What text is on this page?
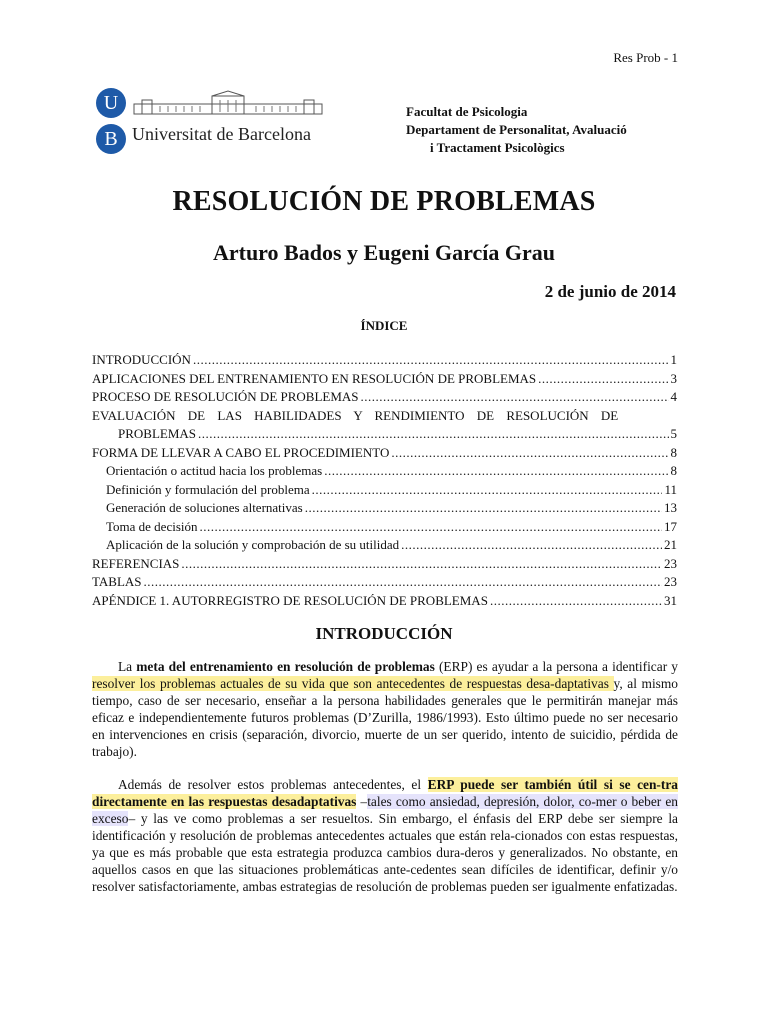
Res Prob - 1
U
B Universitat de Barcelona
Facultat de Psicologia
Departament de Personalitat, Avaluació
i Tractament Psicològics
RESOLUCIÓN DE PROBLEMAS
Arturo Bados y Eugeni García Grau
2 de junio de 2014
ÍNDICE
INTRODUCCIÓN .....	1
APLICACIONES DEL ENTRENAMIENTO EN RESOLUCIÓN DE PROBLEMAS .....	3
PROCESO DE RESOLUCIÓN DE PROBLEMAS .....	4
EVALUACIÓN DE LAS HABILIDADES Y RENDIMIENTO DE RESOLUCIÓN DE
PROBLEMAS .....	5
FORMA DE LLEVAR A CABO EL PROCEDIMIENTO .....	8
Orientación o actitud hacia los problemas .....	8
Definición y formulación del problema .....	11
Generación de soluciones alternativas .....	13
Toma de decisión .....	17
Aplicación de la solución y comprobación de su utilidad .....	21
REFERENCIAS .....	23
TABLAS .....	23
APÉNDICE 1. AUTORREGISTRO DE RESOLUCIÓN DE PROBLEMAS .....	31
INTRODUCCIÓN

La meta del entrenamiento en resolución de problemas (ERP) es ayudar a la persona a identificar y resolver los problemas actuales de su vida que son antecedentes de respuestas desa-daptativas y, al mismo tiempo, caso de ser necesario, enseñar a la persona habilidades generales que le permitirán manejar más eficaz e independientemente futuros problemas (D’Zurilla, 1986/1993). Esto último puede no ser necesario en intervenciones en crisis (separación, divorcio, muerte de un ser querido, intento de suicidio, pérdida de trabajo).

Además de resolver estos problemas antecedentes, el ERP puede ser también útil si se cen-tra directamente en las respuestas desadaptativas –tales como ansiedad, depresión, dolor, co-mer o beber en exceso– y las ve como problemas a ser resueltos. Sin embargo, el énfasis del ERP debe ser siempre la identificación y resolución de problemas antecedentes actuales que están rela-cionados con estas respuestas, ya que es más probable que esta estrategia produzca cambios dura-deros y generalizados. No obstante, en aquellos casos en que las situaciones problemáticas ante-cedentes sean difíciles de identificar, definir y/o resolver satisfactoriamente, ambas estrategias de resolución de problemas pueden ser igualmente enfatizadas.
